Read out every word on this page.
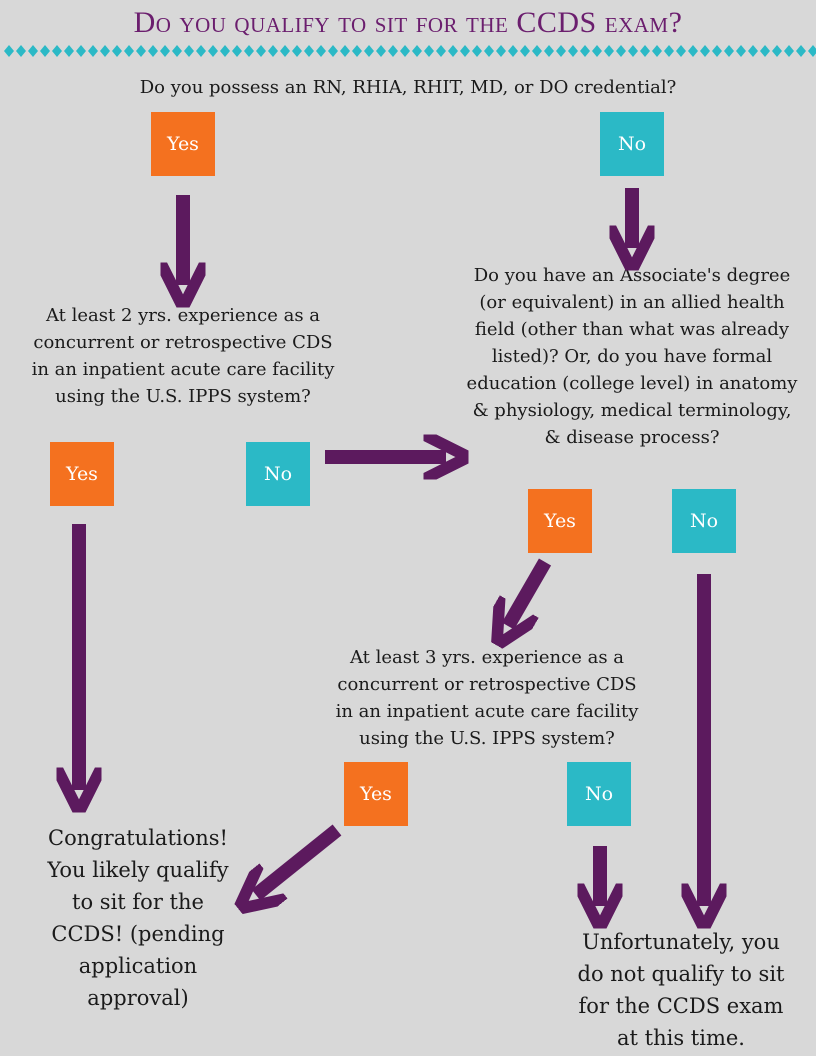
Do you qualify to sit for the CCDS exam?
Do you possess an RN, RHIA, RHIT, MD, or DO credential?
Yes	No
At least 2 yrs. experience as a concurrent or retrospective CDS in an inpatient acute care facility using the U.S. IPPS system?
Yes	No
Do you have an Associate's degree (or equivalent) in an allied health field (other than what was already listed)? Or, do you have formal education (college level) in anatomy & physiology, medical terminology, & disease process?
Yes	No
At least 3 yrs. experience as a concurrent or retrospective CDS in an inpatient acute care facility using the U.S. IPPS system?
Yes	No
Congratulations! You likely qualify to sit for the CCDS! (pending application approval)
Unfortunately, you do not qualify to sit for the CCDS exam at this time.
